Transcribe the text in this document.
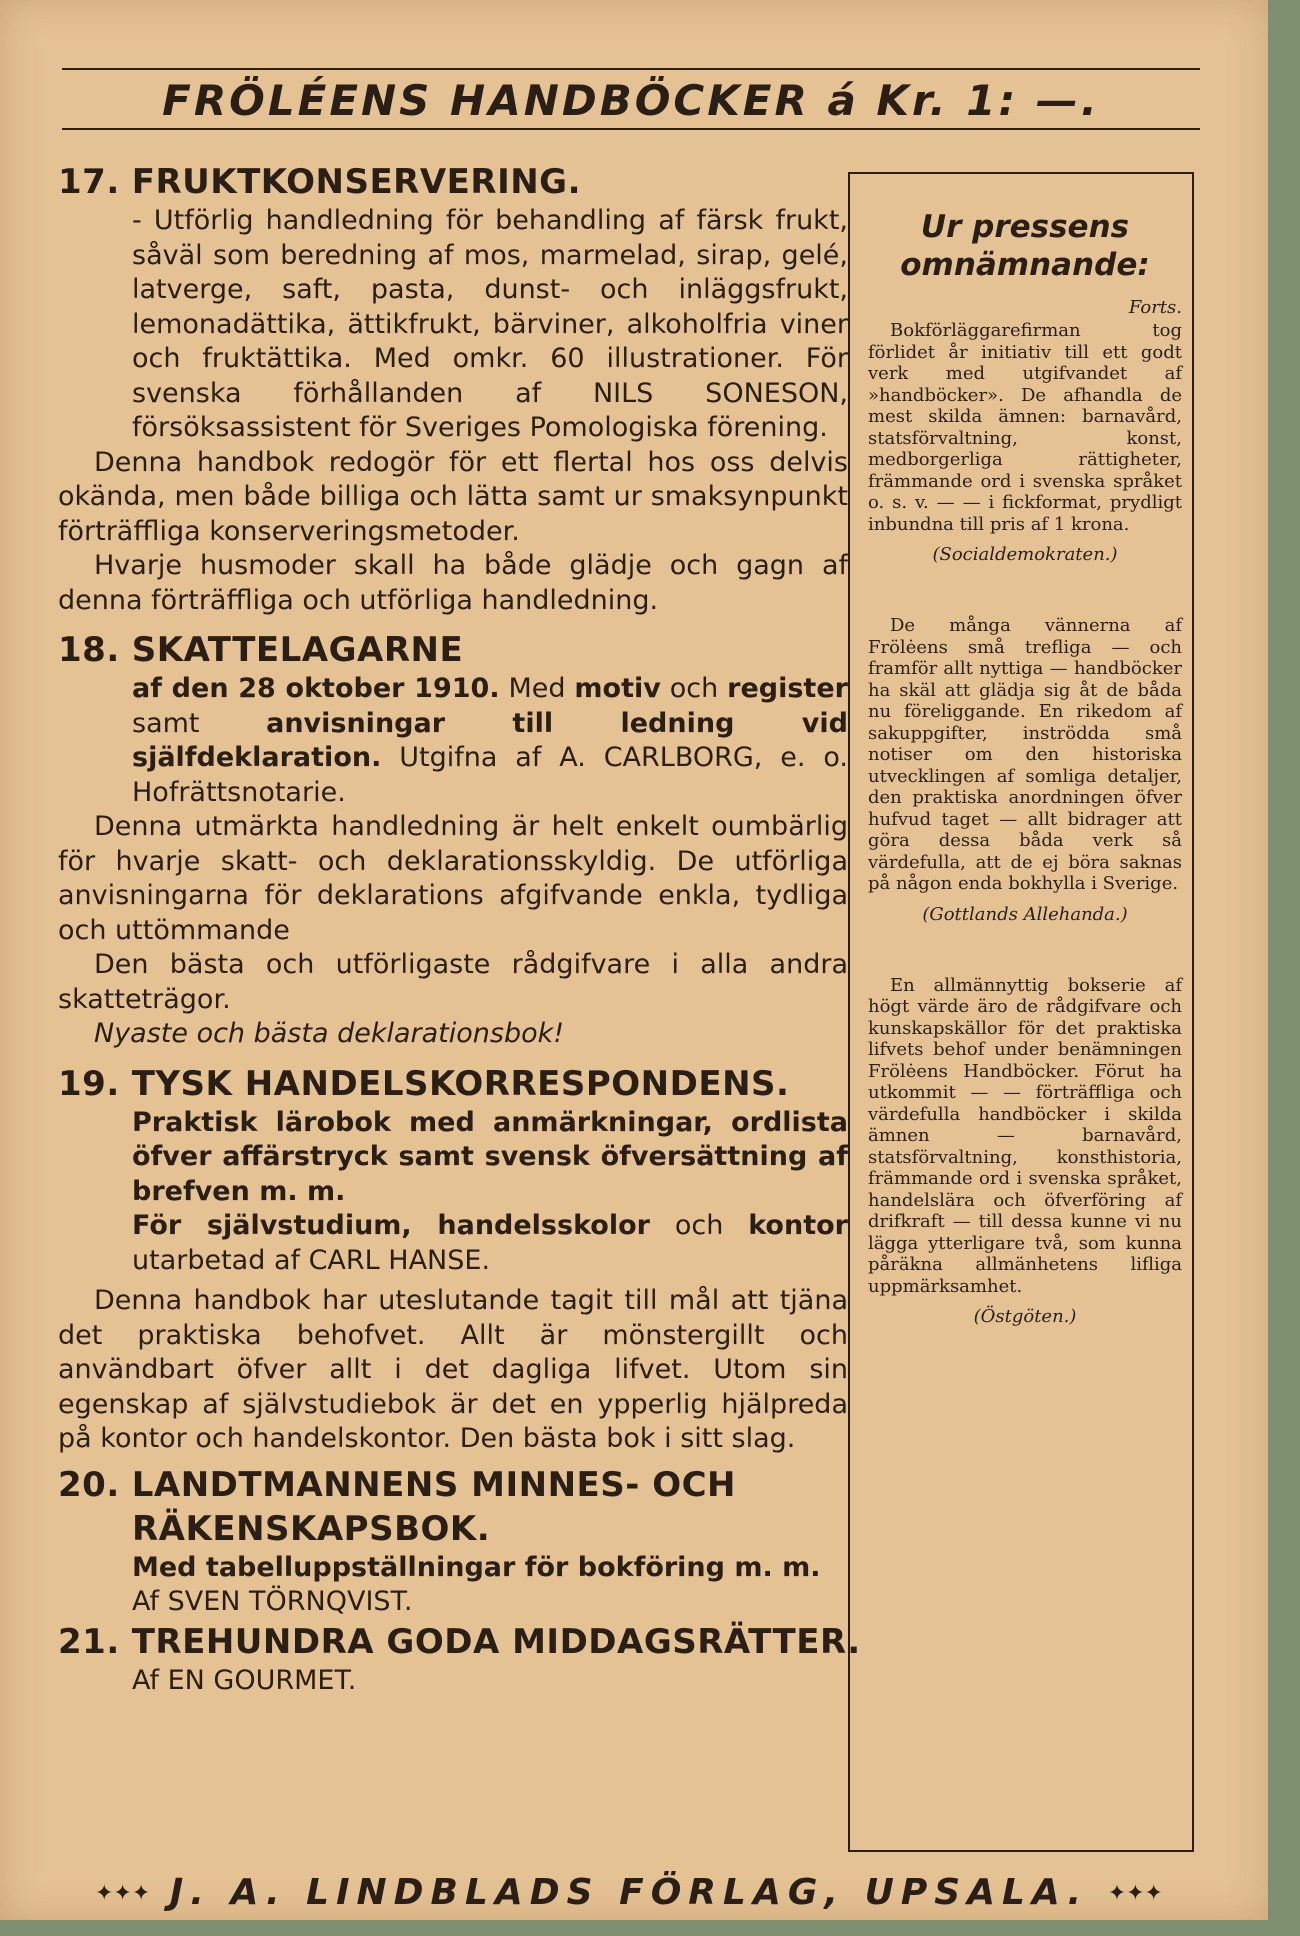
FRÖLÉENS HANDBÖCKER á Kr. 1: —.

17. FRUKTKONSERVERING.

- Utförlig handledning för behandling af färsk frukt, såväl som beredning af mos, marmelad, sirap, gelé, latverge, saft, pasta, dunst- och inläggsfrukt, lemonadättika, ättikfrukt, bärviner, alkoholfria viner och fruktättika. Med omkr. 60 illustrationer. För svenska förhållanden af NILS SONESON, försöksassistent för Sveriges Pomologiska förening.

Denna handbok redogör för ett flertal hos oss delvis okända, men både billiga och lätta samt ur smaksynpunkt förträffliga konserveringsmetoder.

Hvarje husmoder skall ha både glädje och gagn af denna förträffliga och utförliga handledning.

18. SKATTELAGARNE

af den 28 oktober 1910. Med motiv och register samt anvisningar till ledning vid själfdeklaration. Utgifna af A. CARLBORG, e. o. Hofrättsnotarie.

Denna utmärkta handledning är helt enkelt oumbärlig för hvarje skatt- och deklarationsskyldig. De utförliga anvisningarna för deklarations afgifvande enkla, tydliga och uttömmande

Den bästa och utförligaste rådgifvare i alla andra skatteträgor.

Nyaste och bästa deklarationsbok!

19. TYSK HANDELSKORRESPONDENS.

Praktisk lärobok med anmärkningar, ordlista öfver affärstryck samt svensk öfversättning af brefven m. m.

För självstudium, handelsskolor och kontor utarbetad af CARL HANSE.

Denna handbok har uteslutande tagit till mål att tjäna det praktiska behofvet. Allt är mönstergillt och användbart öfver allt i det dagliga lifvet. Utom sin egenskap af självstudiebok är det en ypperlig hjälpreda på kontor och handelskontor. Den bästa bok i sitt slag.

20. LANDTMANNENS MINNES- OCH RÄKENSKAPSBOK.

Med tabelluppställningar för bokföring m. m.

Af SVEN TÖRNQVIST.

21. TREHUNDRA GODA MIDDAGSRÄTTER.

Af EN GOURMET.

Ur pressens omnämnande:

Forts.

Bokförläggarefirman tog förlidet år initiativ till ett godt verk med utgifvandet af »handböcker». De afhandla de mest skilda ämnen: barnavård, statsförvaltning, konst, medborgerliga rättigheter, främmande ord i svenska språket o. s. v. — — i fickformat, prydligt inbundna till pris af 1 krona.

(Socialdemokraten.)

De många vännerna af Frölėens små trefliga — och framför allt nyttiga — handböcker ha skäl att glädja sig åt de båda nu föreliggande. En rikedom af sakuppgifter, inströdda små notiser om den historiska utvecklingen af somliga detaljer, den praktiska anordningen öfver hufvud taget — allt bidrager att göra dessa båda verk så värdefulla, att de ej böra saknas på någon enda bokhylla i Sverige.

(Gottlands Allehanda.)

En allmännyttig bokserie af högt värde äro de rådgifvare och kunskapskällor för det praktiska lifvets behof under benämningen Frölėens Handböcker. Förut ha utkommit — — förträffliga och värdefulla handböcker i skilda ämnen — barnavård, statsförvaltning, konsthistoria, främmande ord i svenska språket, handelslära och öfverföring af drifkraft — till dessa kunne vi nu lägga ytterligare två, som kunna påräkna allmänhetens lifliga uppmärksamhet.

(Östgöten.)

✦✦✦ J. A. LINDBLADS FÖRLAG, UPSALA. ✦✦✦
